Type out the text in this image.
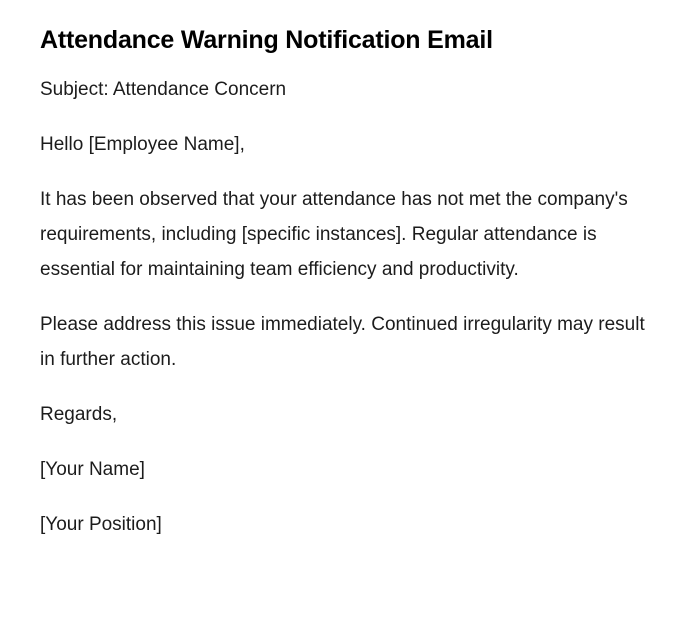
Attendance Warning Notification Email

Subject: Attendance Concern

Hello [Employee Name],

It has been observed that your attendance has not met the company's requirements, including [specific instances]. Regular attendance is essential for maintaining team efficiency and productivity.

Please address this issue immediately. Continued irregularity may result in further action.

Regards,

[Your Name]

[Your Position]
